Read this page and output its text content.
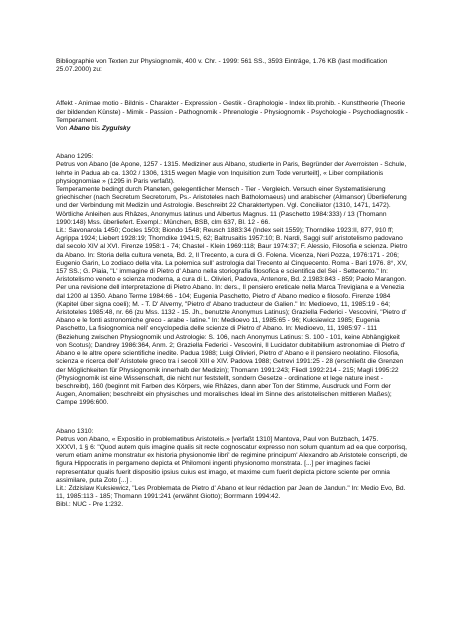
Bibliographie von Texten zur Physiognomik, 400 v. Chr. - 1999: 561 SS., 3593 Einträge, 1.76 KB (last modification 25.07.2000) zu:

Affekt - Animae motio - Bildnis - Charakter - Expression - Gestik - Graphologie - Index lib.prohib. - Kunsttheorie (Theorie der bildenden Künste) - Mimik - Passion - Pathognomik - Phrenologie - Physiognomik - Psychologie - Psychodiagnostik - Temperament.

Von Abano bis Zygulsky

Abano 1295:

Petrus von Abano [de Apone, 1257 - 1315. Mediziner aus Albano, studierte in Paris, Begründer der Averroisten - Schule, lehrte in Padua ab ca. 1302 / 1306, 1315 wegen Magie von Inquisition zum Tode verurteilt], « Liber compilationis physiognomiae » (1295 in Paris verfaßt).

Temperamente bedingt durch Planeten, gelegentlicher Mensch - Tier - Vergleich. Versuch einer Systematisierung griechischer (nach Secretum Secretorum, Ps.- Aristoteles nach Batholomaeus) und arabischer (Almansor) Überlieferung und der Verbindung mit Medizin und Astrologie. Beschreibt 22 Charaktertypen. Vgl. Conciliator (1310, 1471, 1472). Wörtliche Anleihen aus Rhâzes, Anonymus latinus und Albertus Magnus. 11 (Paschetto 1984:333) / 13 (Thomann 1990:148) Mss. überliefert. Exempl.: München, BSB, clm 637, Bl. 12 - 66.

Lit.: Savonarola 1450; Cocles 1503; Biondo 1548; Reusch 1883:34 (Index seit 1559); Thorndike 1923:II, 877, 910 ff; Agrippa 1924; Liebert 1928:19; Thorndike 1941:5, 62; Baltrusaitis 1957:10; B. Nardi, Saggi sull' aristotelismo padovano dal secolo XIV al XVI. Firenze 1958:1 - 74; Chastel - Klein 1969:118; Baur 1974:37; F. Alessio, Filosofia e scienza. Pietro da Abano. In: Storia della cultura veneta, Bd. 2, Il Trecento, a cura di G. Folena. Vicenza, Neri Pozza, 1976:171 - 206; Eugenio Garin, Lo zodiaco della vita. La polemica sull' astrologia dal Trecento al Cinquecento. Roma - Bari 1976. 8°, XV, 157 SS.; G. Piaia, "L' immagine di Pietro d' Abano nella storiografia filosofica e scientifica del Sei - Settecento." In: Aristotelismo veneto e scienza moderna, a cura di L. Olivieri, Padova, Antenore, Bd. 2.1983:843 - 859; Paolo Marangon. Per una revisione dell interpretazione di Pietro Abano. In: ders., Il pensiero ereticale nella Marca Trevigiana e a Venezia dal 1200 al 1350. Abano Terme 1984:66 - 104; Eugenia Paschetto, Pietro d' Abano medico e filosofo. Firenze 1984 (Kapitel über signa coeli); M. - T. D' Alverny, "Pietro d' Abano traducteur de Galien." In: Medioevo, 11, 1985:19 - 64; Aristoteles 1985:48, nr. 66 (zu Mss. 1132 - 15. Jh., benutzte Anonymus Latinus); Graziella Federici - Vescovini, "Pietro d' Abano e le fonti astronomiche greco - arabe - latine." In: Medioevo 11, 1985:65 - 96; Kuksiewicz 1985; Eugenia Paschetto, La fisiognomica nell' encyclopedia delle scienze di Pietro d' Abano. In: Medioevo, 11, 1985:97 - 111 (Beziehung zwischen Physiognomik und Astrologie: S. 106, nach Anonymus Latinus: S. 100 - 101, keine Abhängigkeit von Scotus); Dandrey 1986:364, Anm. 2; Graziella Federici - Vescovini, Il Lucidator dubitabilium astronomiae di Pietro d' Abano e le altre opere scientifiche inedite. Padua 1988; Luigi Olivieri, Pietro d' Abano e il pensiero neolatino. Filosofia, scienza e ricerca dell' Aristotele greco tra i secoli XIII e XIV. Padova 1988; Getrevi 1991:25 - 28 (erschließt die Grenzen der Möglichkeiten für Physiognomik innerhalb der Medizin); Thomann 1991:243; Fliedl 1992:214 - 215; Magli 1995:22 (Physiognomik ist eine Wissenschaft, die nicht nur feststellt, sondern Gesetze - ordinatione et lege nature inest - beschreibt), 160 (beginnt mit Farben des Körpers, wie Rhâzes, dann aber Ton der Stimme, Ausdruck und Form der Augen, Anomalien; beschreibt ein physisches und moralisches Ideal im Sinne des aristotelischen mittleren Maßes); Campe 1996:600.

Abano 1310:

Petrus von Abano, « Expositio in problematibus Aristotelis.» [verfaßt 1310] Mantova, Paul von Butzbach, 1475.

XXXVI, 1 § 6: "Quod autem quis imagine qualis sit recte cognoscatur expresso non solum quantum ad ea que corporisq, verum etiam anime monstratur ex historia physionomie libri' de regimine principum' Alexandro ab Aristotele conscripti, de figura Hippocratis in pergameno depicta et Philomoni ingenti physionomo monstrata. [...] per imagines faciei representatur qualis fuerit dispositio ipsius cuius est imago, et maxime cum fuerit depicta pictore sciente per omnia assimilare, puta Zoto [...] .

Lit.: Zdzislaw Kuksiewicz, "Les Problemata de Pietro d' Abano et leur rédaction par Jean de Jandun." In: Medio Evo, Bd. 11, 1985:113 - 185; Thomann 1991:241 (erwähnt Giotto); Borrmann 1994:42.

Bibl.: NUC - Pre 1:232.
